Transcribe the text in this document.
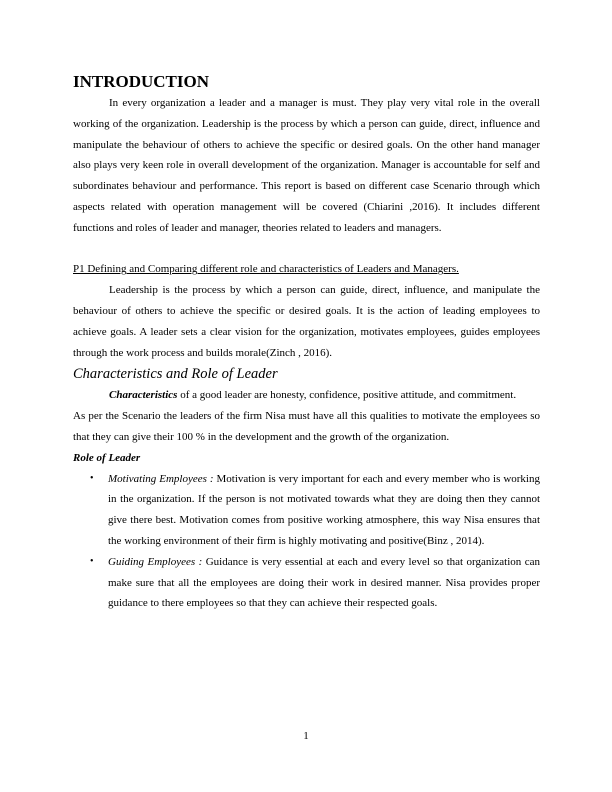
INTRODUCTION

In every organization a leader and a manager is must. They play very vital role in the overall working of the organization. Leadership is the process by which a person can guide, direct, influence and manipulate the behaviour of others to achieve the specific or desired goals. On the other hand manager also plays very keen role in overall development of the organization. Manager is accountable for self and subordinates behaviour and performance. This report is based on different case Scenario through which aspects related with operation management will be covered (Chiarini ,2016). It includes different functions and roles of leader and manager, theories related to leaders and managers.

P1 Defining and Comparing different role and characteristics of Leaders and Managers.

Leadership is the process by which a person can guide, direct, influence, and manipulate the behaviour of others to achieve the specific or desired goals. It is the action of leading employees to achieve goals. A leader sets a clear vision for the organization, motivates employees, guides employees through the work process and builds morale(Zinch , 2016).

Characteristics and Role of Leader

Characteristics of a good leader are honesty, confidence, positive attitude, and commitment.

As per the Scenario the leaders of the firm Nisa must have all this qualities to motivate the employees so that they can give their 100 % in the development and the growth of the organization.

Role of Leader

• Motivating Employees : Motivation is very important for each and every member who is working in the organization. If the person is not motivated towards what they are doing then they cannot give there best. Motivation comes from positive working atmosphere, this way Nisa ensures that the working environment of their firm is highly motivating and positive(Binz , 2014).
• Guiding Employees : Guidance is very essential at each and every level so that organization can make sure that all the employees are doing their work in desired manner. Nisa provides proper guidance to there employees so that they can achieve their respected goals.
1
